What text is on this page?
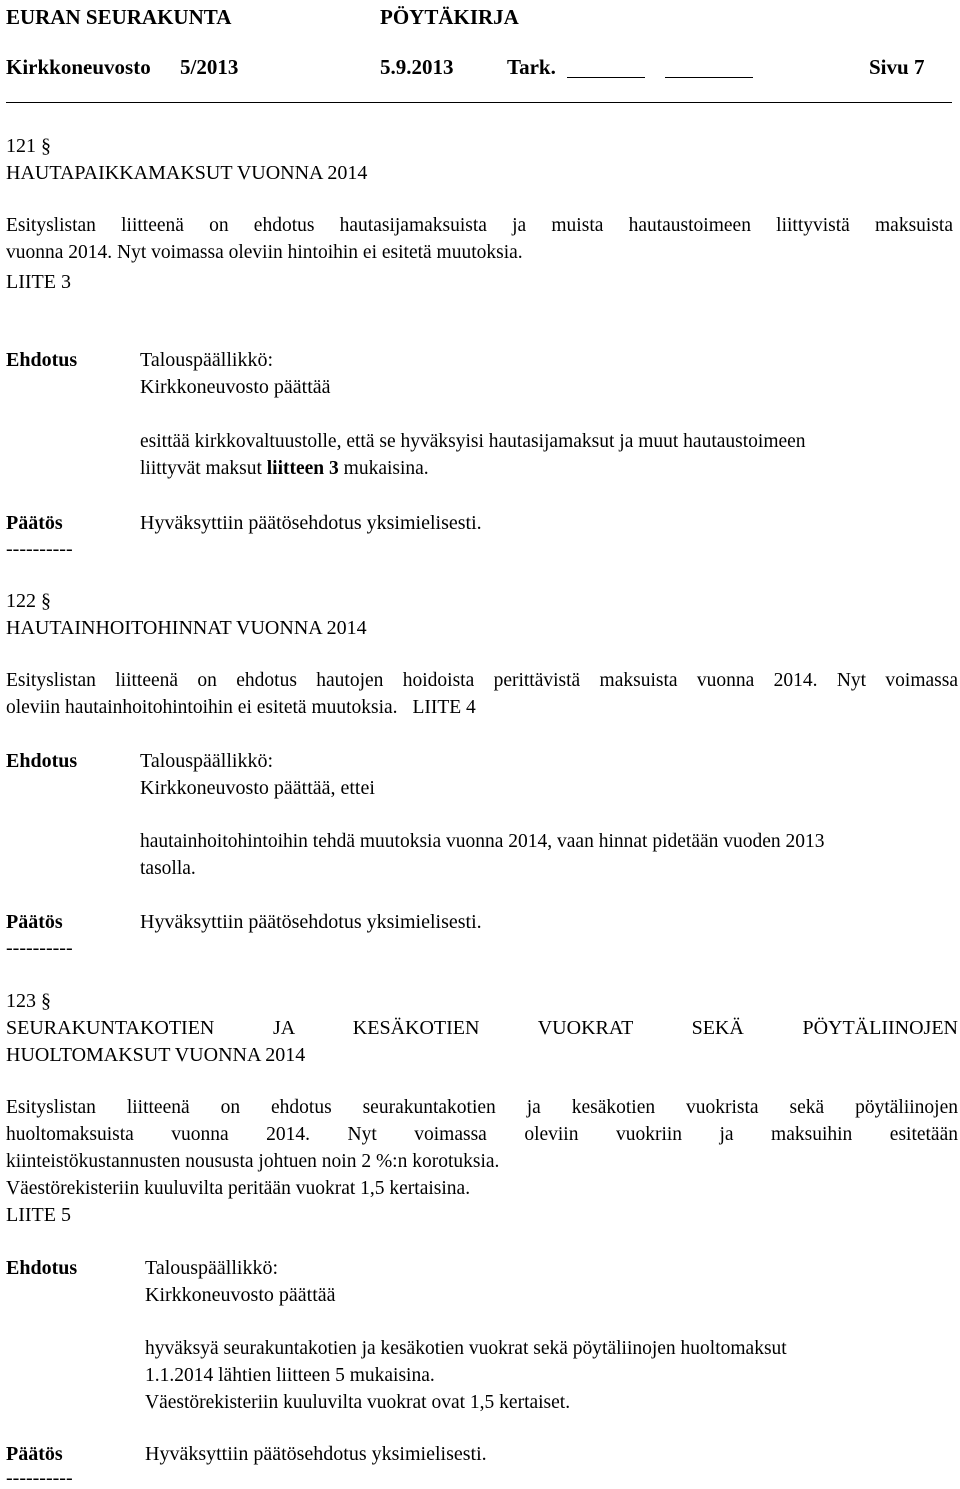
EURAN SEURAKUNTA	PÖYTÄKIRJA
Kirkkoneuvosto 5/2013	5.9.2013	Tark.	Sivu 7
121 §
HAUTAPAIKKAMAKSUT VUONNA 2014
Esityslistan liitteenä on ehdotus hautasijamaksuista ja muista hautaustoimeen liittyvistä maksuista
vuonna 2014. Nyt voimassa oleviin hintoihin ei esitetä muutoksia.
LIITE 3
Ehdotus	Talouspäällikkö:
Kirkkoneuvosto päättää
esittää kirkkovaltuustolle, että se hyväksyisi hautasijamaksut ja muut hautaustoimeen
liittyvät maksut liitteen 3 mukaisina.
Päätös	Hyväksyttiin päätösehdotus yksimielisesti.
----------
122 §
HAUTAINHOITOHINNAT VUONNA 2014
Esityslistan liitteenä on ehdotus hautojen hoidoista perittävistä maksuista vuonna 2014. Nyt voimassa
oleviin hautainhoitohintoihin ei esitetä muutoksia. LIITE 4
Ehdotus	Talouspäällikkö:
Kirkkoneuvosto päättää, ettei
hautainhoitohintoihin tehdä muutoksia vuonna 2014, vaan hinnat pidetään vuoden 2013
tasolla.
Päätös	Hyväksyttiin päätösehdotus yksimielisesti.
----------
123 §
SEURAKUNTAKOTIEN JA KESÄKOTIEN VUOKRAT SEKÄ PÖYTÄLIINOJEN
HUOLTOMAKSUT VUONNA 2014
Esityslistan liitteenä on ehdotus seurakuntakotien ja kesäkotien vuokrista sekä pöytäliinojen
huoltomaksuista vuonna 2014. Nyt voimassa oleviin vuokriin ja maksuihin esitetään
kiinteistökustannusten noususta johtuen noin 2 %:n korotuksia.
Väestörekisteriin kuuluvilta peritään vuokrat 1,5 kertaisina.
LIITE 5
Ehdotus	Talouspäällikkö:
Kirkkoneuvosto päättää
hyväksyä seurakuntakotien ja kesäkotien vuokrat sekä pöytäliinojen huoltomaksut
1.1.2014 lähtien liitteen 5 mukaisina.
Väestörekisteriin kuuluvilta vuokrat ovat 1,5 kertaiset.
Päätös	Hyväksyttiin päätösehdotus yksimielisesti.
----------
